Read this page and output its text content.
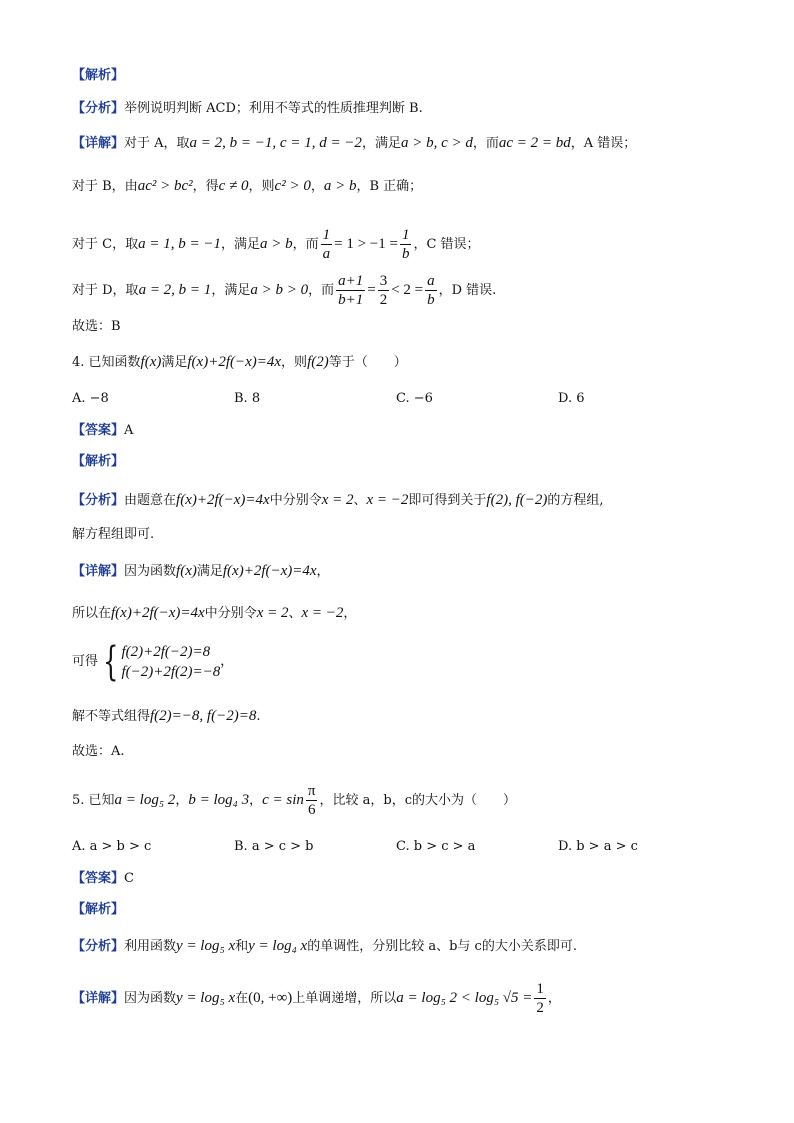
【解析】
【分析】举例说明判断 ACD；利用不等式的性质推理判断 B.
【详解】对于 A，取a = 2, b = −1, c = 1, d = −2，满足a > b, c > d，而ac = 2 = bd，A 错误；
对于 B，由ac² > bc²，得c ≠ 0，则c² > 0，a > b，B 正确；
对于 C，取a = 1, b = −1，满足a > b，而 $\frac{1}{a} = 1 > -1 = \frac{1}{b}$ ，C 错误；
对于 D，取a = 2, b = 1，满足a > b > 0，而 $\frac{a+1}{b+1} = \frac{3}{2} < 2 = \frac{a}{b}$ ，D 错误.
故选：B
4. 已知函数f(x)满足f(x)+2f(−x)=4x，则f(2)等于（　　）
A. −8	B. 8	C. −6	D. 6
【答案】A
【解析】
【分析】由题意在f(x)+2f(−x)=4x中分别令x = 2、x = −2即可得到关于f(2), f(−2)的方程组,
解方程组即可.
【详解】因为函数f(x)满足f(x)+2f(−x)=4x，
所以在f(x)+2f(−x)=4x中分别令x = 2、x = −2，
可得 { f(2)+2f(−2)=8
f(−2)+2f(2)=−8
，
解不等式组得f(2)=−8, f(−2)=8.
故选：A.
5. 已知a = log₅ 2，b = log₄ 3，$c = \sin \frac{\pi}{6}$ ，比较 a，b，c的大小为（　　）
A. a > b > c	B. a > c > b	C. b > c > a	D. b > a > c
【答案】C
【解析】
【分析】利用函数y = log₅ x和y = log₄ x的单调性，分别比较 a、b与 c的大小关系即可.
【详解】因为函数y = log₅ x在(0, +∞)上单调递增，所以a = log₅ 2 < log₅ $√5 = \frac{1}{2}$ ，
